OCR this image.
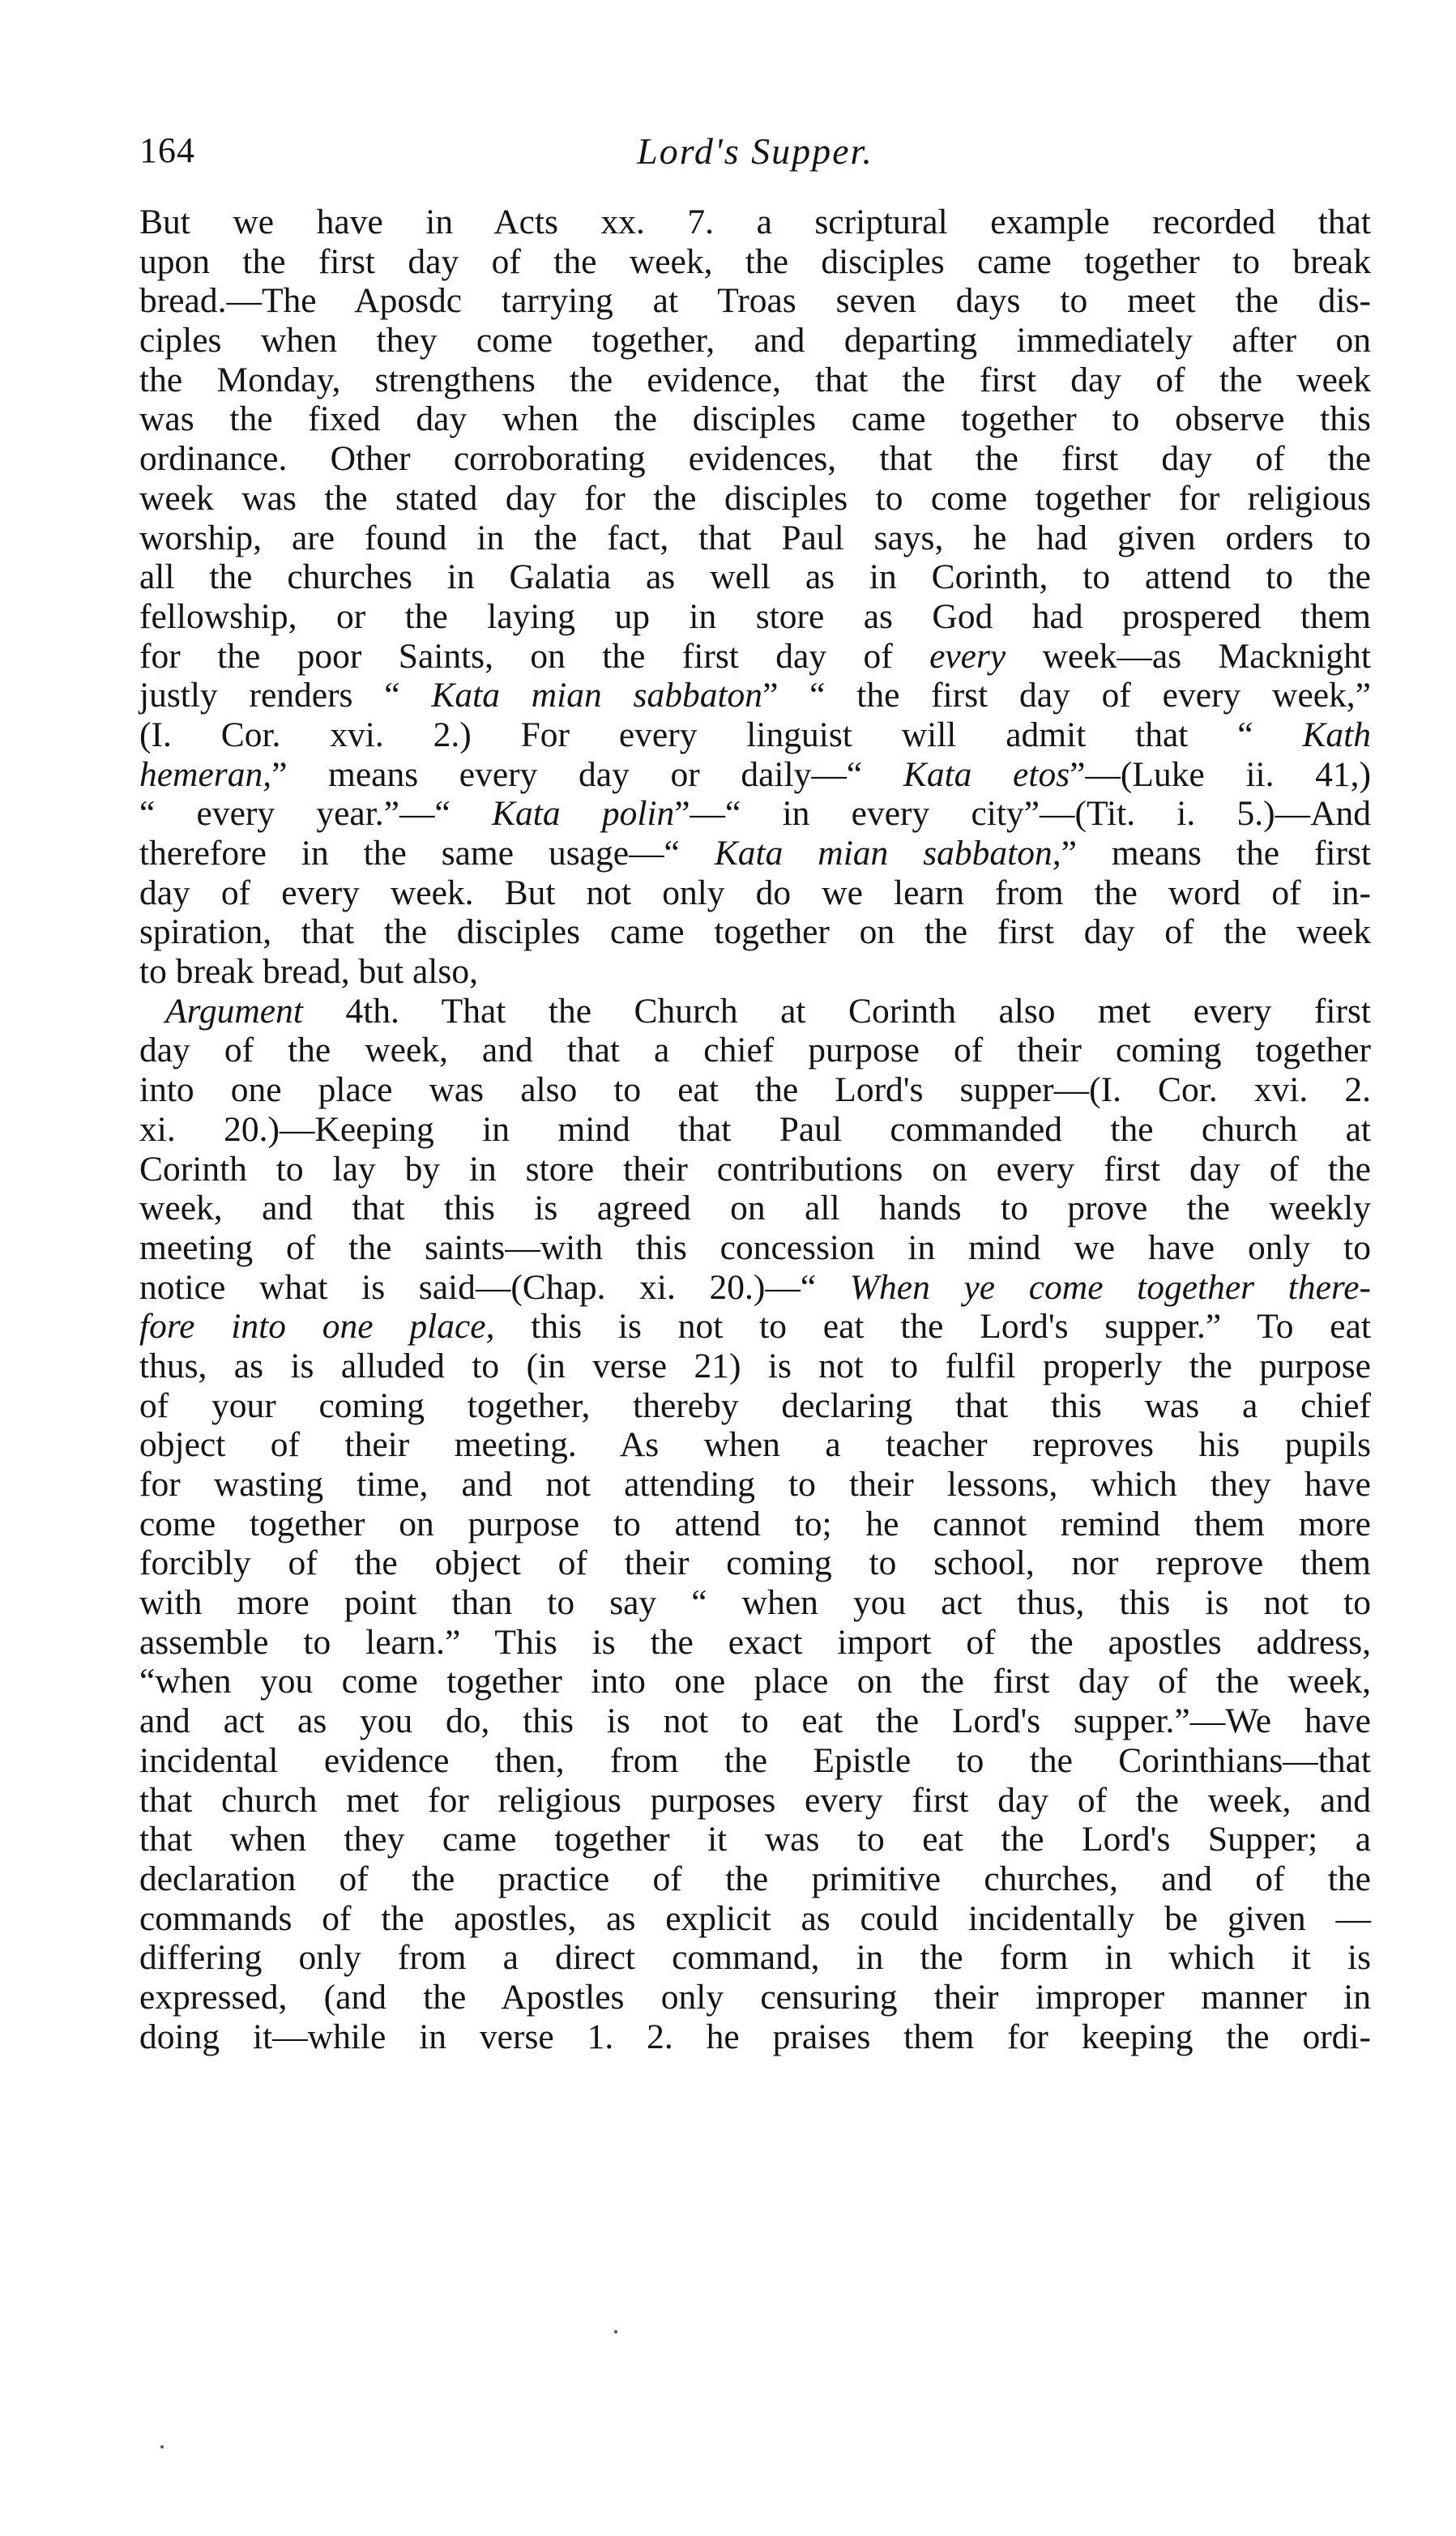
164	Lord's Supper.
But we have in Acts xx. 7. a scriptural example recorded that
upon the first day of the week, the disciples came together to break
bread.—The Aposdc tarrying at Troas seven days to meet the dis-
ciples when they come together, and departing immediately after on
the Monday, strengthens the evidence, that the first day of the week
was the fixed day when the disciples came together to observe this
ordinance. Other corroborating evidences, that the first day of the
week was the stated day for the disciples to come together for religious
worship, are found in the fact, that Paul says, he had given orders to
all the churches in Galatia as well as in Corinth, to attend to the
fellowship, or the laying up in store as God had prospered them
for the poor Saints, on the first day of every week—as Macknight
justly renders “ Kata mian sabbaton” “ the first day of every week,”
(I. Cor. xvi. 2.) For every linguist will admit that “ Kath
hemeran,” means every day or daily—“ Kata etos”—(Luke ii. 41,)
“ every year.”—“ Kata polin”—“ in every city”—(Tit. i. 5.)—And
therefore in the same usage—“ Kata mian sabbaton,” means the first
day of every week. But not only do we learn from the word of in-
spiration, that the disciples came together on the first day of the week
to break bread, but also,
Argument 4th. That the Church at Corinth also met every first
day of the week, and that a chief purpose of their coming together
into one place was also to eat the Lord's supper—(I. Cor. xvi. 2.
xi. 20.)—Keeping in mind that Paul commanded the church at
Corinth to lay by in store their contributions on every first day of the
week, and that this is agreed on all hands to prove the weekly
meeting of the saints—with this concession in mind we have only to
notice what is said—(Chap. xi. 20.)—“ When ye come together there-
fore into one place, this is not to eat the Lord's supper.” To eat
thus, as is alluded to (in verse 21) is not to fulfil properly the purpose
of your coming together, thereby declaring that this was a chief
object of their meeting. As when a teacher reproves his pupils
for wasting time, and not attending to their lessons, which they have
come together on purpose to attend to; he cannot remind them more
forcibly of the object of their coming to school, nor reprove them
with more point than to say “ when you act thus, this is not to
assemble to learn.” This is the exact import of the apostles address,
“when you come together into one place on the first day of the week,
and act as you do, this is not to eat the Lord's supper.”—We have
incidental evidence then, from the Epistle to the Corinthians—that
that church met for religious purposes every first day of the week, and
that when they came together it was to eat the Lord's Supper; a
declaration of the practice of the primitive churches, and of the
commands of the apostles, as explicit as could incidentally be given —
differing only from a direct command, in the form in which it is
expressed, (and the Apostles only censuring their improper manner in
doing it—while in verse 1. 2. he praises them for keeping the ordi-
